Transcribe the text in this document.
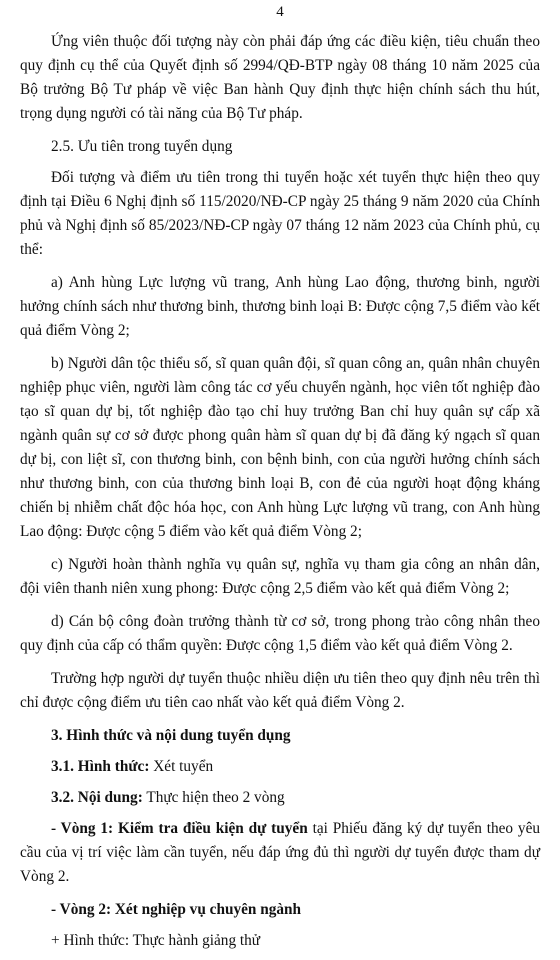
4

Ứng viên thuộc đối tượng này còn phải đáp ứng các điều kiện, tiêu chuẩn theo quy định cụ thể của Quyết định số 2994/QĐ-BTP ngày 08 tháng 10 năm 2025 của Bộ trưởng Bộ Tư pháp về việc Ban hành Quy định thực hiện chính sách thu hút, trọng dụng người có tài năng của Bộ Tư pháp.

2.5. Ưu tiên trong tuyển dụng

Đối tượng và điểm ưu tiên trong thi tuyển hoặc xét tuyển thực hiện theo quy định tại Điều 6 Nghị định số 115/2020/NĐ-CP ngày 25 tháng 9 năm 2020 của Chính phủ và Nghị định số 85/2023/NĐ-CP ngày 07 tháng 12 năm 2023 của Chính phủ, cụ thể:

a) Anh hùng Lực lượng vũ trang, Anh hùng Lao động, thương binh, người hưởng chính sách như thương binh, thương binh loại B: Được cộng 7,5 điểm vào kết quả điểm Vòng 2;

b) Người dân tộc thiểu số, sĩ quan quân đội, sĩ quan công an, quân nhân chuyên nghiệp phục viên, người làm công tác cơ yếu chuyển ngành, học viên tốt nghiệp đào tạo sĩ quan dự bị, tốt nghiệp đào tạo chỉ huy trưởng Ban chỉ huy quân sự cấp xã ngành quân sự cơ sở được phong quân hàm sĩ quan dự bị đã đăng ký ngạch sĩ quan dự bị, con liệt sĩ, con thương binh, con bệnh binh, con của người hưởng chính sách như thương binh, con của thương binh loại B, con đẻ của người hoạt động kháng chiến bị nhiễm chất độc hóa học, con Anh hùng Lực lượng vũ trang, con Anh hùng Lao động: Được cộng 5 điểm vào kết quả điểm Vòng 2;

c) Người hoàn thành nghĩa vụ quân sự, nghĩa vụ tham gia công an nhân dân, đội viên thanh niên xung phong: Được cộng 2,5 điểm vào kết quả điểm Vòng 2;

d) Cán bộ công đoàn trưởng thành từ cơ sở, trong phong trào công nhân theo quy định của cấp có thẩm quyền: Được cộng 1,5 điểm vào kết quả điểm Vòng 2.

Trường hợp người dự tuyển thuộc nhiều diện ưu tiên theo quy định nêu trên thì chỉ được cộng điểm ưu tiên cao nhất vào kết quả điểm Vòng 2.

3. Hình thức và nội dung tuyển dụng

3.1. Hình thức: Xét tuyển

3.2. Nội dung: Thực hiện theo 2 vòng

- Vòng 1: Kiểm tra điều kiện dự tuyển tại Phiếu đăng ký dự tuyển theo yêu cầu của vị trí việc làm cần tuyển, nếu đáp ứng đủ thì người dự tuyển được tham dự Vòng 2.

- Vòng 2: Xét nghiệp vụ chuyên ngành

+ Hình thức: Thực hành giảng thử
